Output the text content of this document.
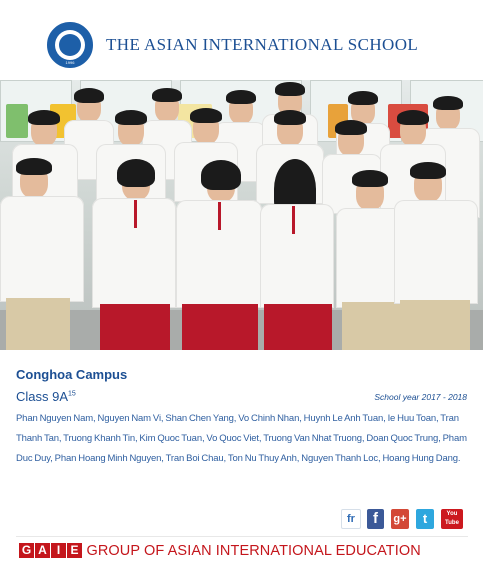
1996
THE ASIAN INTERNATIONAL SCHOOL
Conghoa Campus
Class $9A^{15}$	School year 2017 - 2018
Phan Nguyen Nam, Nguyen Nam Vi, Shan Chen Yang, Vo Chinh Nhan, Huynh Le Anh Tuan, Ie Huu Toan, Tran Thanh Tan, Truong Khanh Tin, Kim Quoc Tuan, Vo Quoc Viet, Truong Van Nhat Truong, Doan Quoc Trung, Pham Duc Duy, Phan Hoang Minh Nguyen, Tran Boi Chau, Ton Nu Thuy Anh, Nguyen Thanh Loc, Hoang Hung Dang.
fr	f	g+	t	You Tube
G A I E GROUP OF ASIAN INTERNATIONAL EDUCATION
